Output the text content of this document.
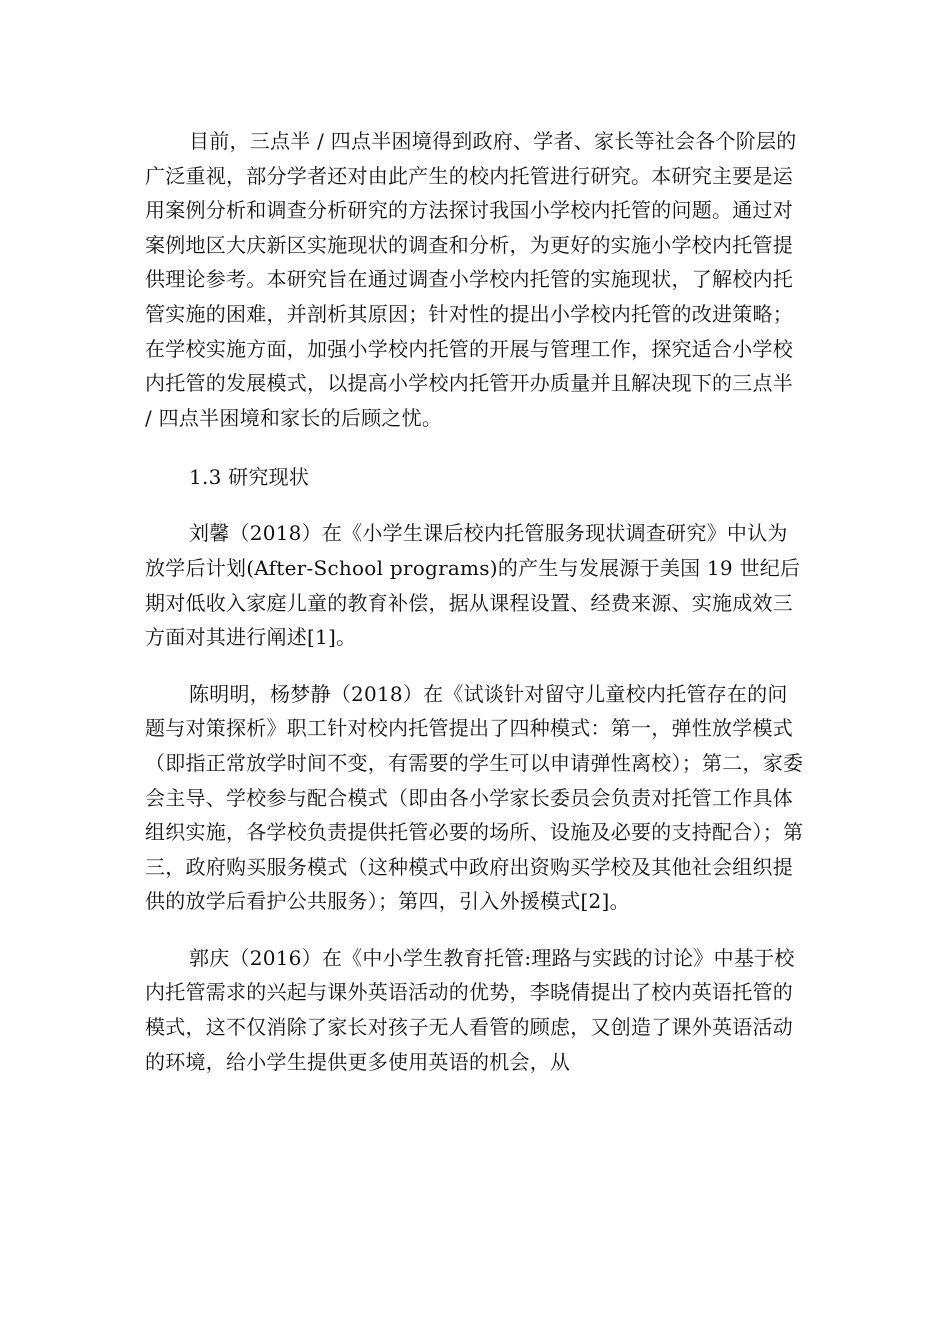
目前，三点半 / 四点半困境得到政府、学者、家长等社会各个阶层的广泛重视，部分学者还对由此产生的校内托管进行研究。本研究主要是运用案例分析和调查分析研究的方法探讨我国小学校内托管的问题。通过对案例地区大庆新区实施现状的调查和分析，为更好的实施小学校内托管提供理论参考。本研究旨在通过调查小学校内托管的实施现状，了解校内托管实施的困难，并剖析其原因；针对性的提出小学校内托管的改进策略；在学校实施方面，加强小学校内托管的开展与管理工作，探究适合小学校内托管的发展模式，以提高小学校内托管开办质量并且解决现下的三点半 / 四点半困境和家长的后顾之忧。

1.3 研究现状

刘馨（2018）在《小学生课后校内托管服务现状调查研究》中认为放学后计划(After-School programs)的产生与发展源于美国 19 世纪后期对低收入家庭儿童的教育补偿，据从课程设置、经费来源、实施成效三方面对其进行阐述[1]。

陈明明，杨梦静（2018）在《试谈针对留守儿童校内托管存在的问题与对策探析》职工针对校内托管提出了四种模式：第一，弹性放学模式（即指正常放学时间不变，有需要的学生可以申请弹性离校）；第二，家委会主导、学校参与配合模式（即由各小学家长委员会负责对托管工作具体组织实施，各学校负责提供托管必要的场所、设施及必要的支持配合）；第三，政府购买服务模式（这种模式中政府出资购买学校及其他社会组织提供的放学后看护公共服务）；第四，引入外援模式[2]。

郭庆（2016）在《中小学生教育托管:理路与实践的讨论》中基于校内托管需求的兴起与课外英语活动的优势，李晓倩提出了校内英语托管的模式，这不仅消除了家长对孩子无人看管的顾虑，又创造了课外英语活动的环境，给小学生提供更多使用英语的机会，从
